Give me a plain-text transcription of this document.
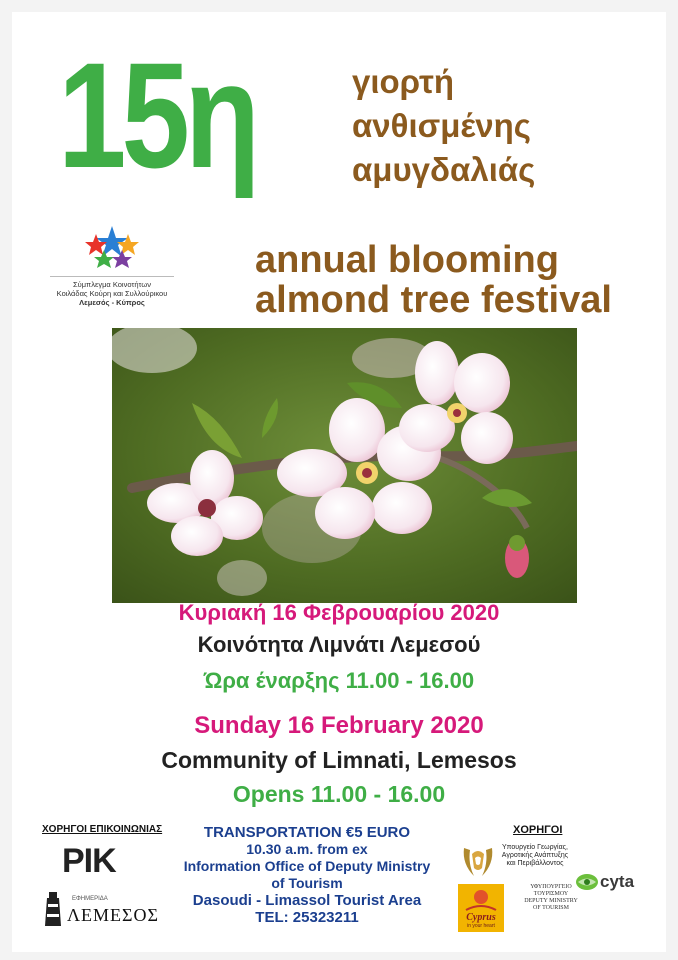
15η	γιορτή
ανθισμένης
αμυγδαλιάς
Σύμπλεγμα Κοινοτήτων
Κοιλάδας Κούρη και Συλλούρικου
Λεμεσός - Κύπρος
annual blooming
almond tree festival
Κυριακή 16 Φεβρουαρίου 2020
Κοινότητα Λιμνάτι Λεμεσού
Ώρα έναρξης 11.00 - 16.00
Sunday 16 February 2020
Community of Limnati, Lemesos
Opens 11.00 - 16.00
ΧΟΡΗΓΟΙ ΕΠΙΚΟΙΝΩΝΙΑΣ
ΡΙΚ
ΕΦΗΜΕΡΙΔΑ
ΛΕΜΕΣΟΣ
TRANSPORTATION €5 EURO
10.30 a.m. from ex
Information Office of Deputy Ministry
of Tourism
Dasoudi - Limassol Tourist Area
TEL: 25323211
ΧΟΡΗΓΟΙ
Υπουργείο Γεωργίας, Αγροτικής Ανάπτυξης και Περιβάλλοντος
Cyprus
in your heart
ΥΦΥΠΟΥΡΓΕΙΟ
ΤΟΥΡΙΣΜΟΥ
DEPUTY MINISTRY
OF TOURISM
cyta
